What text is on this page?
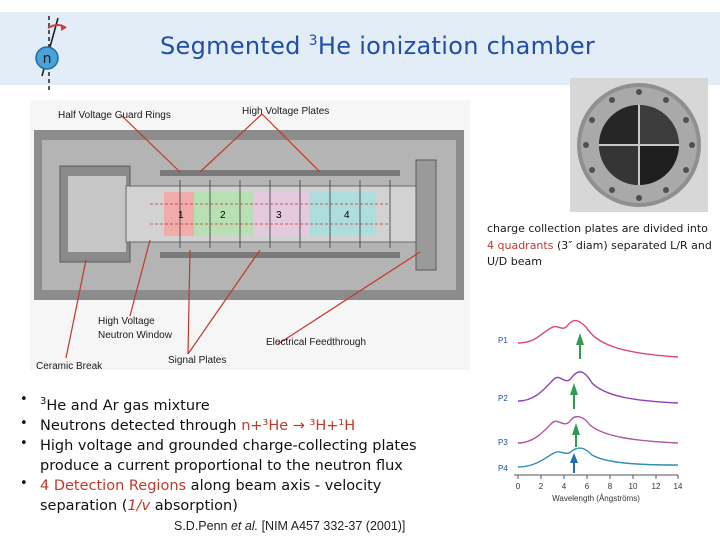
Segmented $^3$He ionization chamber
n
1	2	3	4
Half Voltage Guard Rings	High Voltage Plates
High Voltage
Neutron Window
Electrical Feedthrough
Signal Plates
Ceramic Break
charge collection plates are divided into 4 quadrants (3″ diam) separated L/R and U/D beam
P1
P2
P3
P4
0 2 4 6 8 10 12 14
Wavelength (Ångströms)

• $^3$He and Ar gas mixture

• Neutrons detected through n+³He → ³H+¹H

• High voltage and grounded charge-collecting plates produce a current proportional to the neutron flux

• 4 Detection Regions along beam axis - velocity separation (1/v absorption)

S.D.Penn et al. [NIM A457 332-37 (2001)]
